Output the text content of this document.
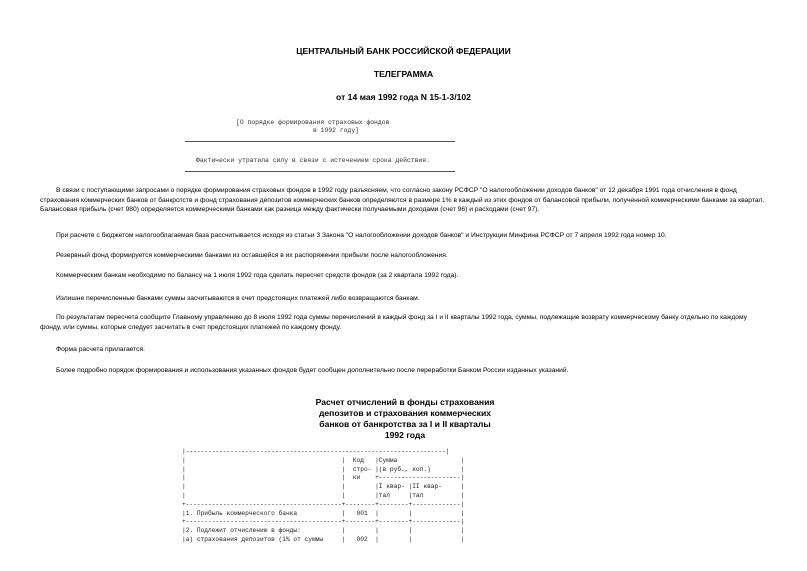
ЦЕНТРАЛЬНЫЙ БАНК РОССИЙСКОЙ ФЕДЕРАЦИИ
ТЕЛЕГРАММА
от 14 мая 1992 года N 15-1-3/102
[О порядке формирования страховых фондов
в 1992 году]
Фактически утратила силу в связи с истечением срока действия.

В связи с поступающими запросами о порядке формирования страховых фондов в 1992 году разъясняем, что согласно закону РСФСР "О налогообложении доходов банков" от 12 декабря 1991 года отчисления в фонд страхования коммерческих банков от банкротств и фонд страхования депозитов коммерческих банков определяются в размере 1% в каждый из этих фондов от балансовой прибыли, полученной коммерческими банками за квартал. Балансовая прибыль (счет 980) определяется коммерческими банками как разница между фактически получаемыми доходами (счет 96) и расходами (счет 97).

При расчете с бюджетом налогооблагаемая база рассчитывается исходя из статьи 3 Закона "О налогообложении доходов банков" и Инструкции Минфина РСФСР от 7 апреля 1992 года номер 10.

Резервный фонд формируется коммерческими банками из оставшейся в их распоряжении прибыли после налогообложения.

Коммерческим банкам необходимо по балансу на 1 июля 1992 года сделать пересчет средств фондов (за 2 квартала 1992 года).

Излишне перечисленные банками суммы засчитываются в счет предстоящих платежей либо возвращаются банкам.

По результатам пересчета сообщите Главному управлению до 8 июля 1992 года суммы перечислений в каждый фонд за I и II кварталы 1992 года, суммы, подлежащие возврату коммерческому банку отдельно по каждому фонду, или суммы, которые следует засчитать в счет предстоящих платежей по каждому фонду.

Форма расчета прилагается.

Более подробно порядок формирования и использования указанных фондов будет сообщен дополнительно после переработки Банком России изданных указаний.

Расчет отчислений в фонды страхования
депозитов и страхования коммерческих
банков от банкротства за I и II кварталы
1992 года
|----------------------------------------------------------------------|
|                                          |  Код   |Сумма                 |
|                                          |  стро- |(в руб., коп.)        |
|                                          |  ки    +----------------------|
|                                          |        |I квар- |II квар-     |
|                                          |        |тал     |тал          |
+------------------------------------------+--------+--------+-------------|
|1. Прибыль коммерческого банка            |   001  |        |             |
+------------------------------------------+--------+--------+-------------|
|2. Подлежит отчислению в фонды:           |        |        |             |
|а) страхования депозитов (1% от суммы     |   002  |        |             |
